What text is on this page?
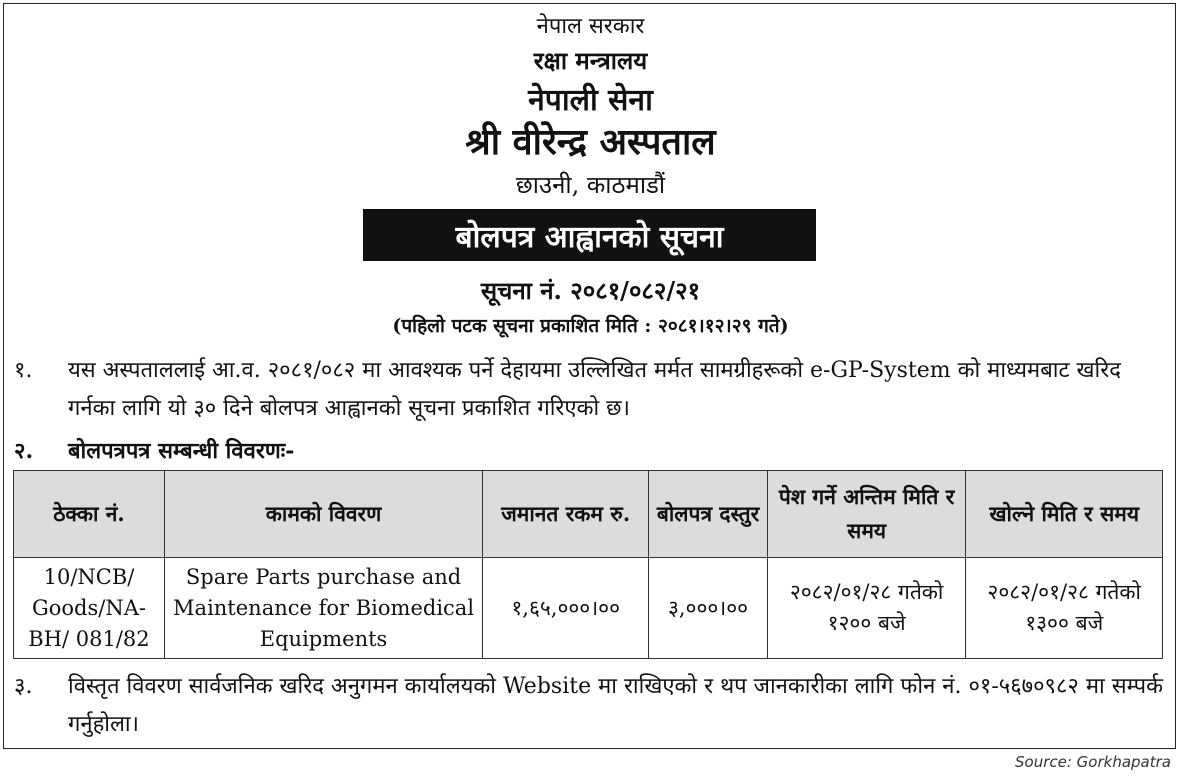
नेपाल सरकार
रक्षा मन्त्रालय
नेपाली सेना
श्री वीरेन्द्र अस्पताल
छाउनी, काठमाडौं
बोलपत्र आह्वानको सूचना
सूचना नं. २०८१/०८२/२१
(पहिलो पटक सूचना प्रकाशित मिति : २०८१।१२।२९ गते)
१. यस अस्पताललाई आ.व. २०८१/०८२ मा आवश्यक पर्ने देहायमा उल्लिखित मर्मत सामग्रीहरूको e-GP-System को माध्यमबाट खरिद गर्नका लागि यो ३० दिने बोलपत्र आह्वानको सूचना प्रकाशित गरिएको छ।
२. बोलपत्रपत्र सम्बन्धी विवरणः-
ठेक्का नं.	कामको विवरण	जमानत रकम रु.	बोलपत्र दस्तुर	पेश गर्ने अन्तिम मिति र समय	खोल्ने मिति र समय
10/NCB/ Goods/NA- BH/ 081/82	Spare Parts purchase and Maintenance for Biomedical Equipments	१,६५,०००।००	३,०००।००	२०८२/०१/२८ गतेको १२०० बजे	२०८२/०१/२८ गतेको १३०० बजे
३. विस्तृत विवरण सार्वजनिक खरिद अनुगमन कार्यालयको Website मा राखिएको र थप जानकारीका लागि फोन नं. ०१-५६७०९८२ मा सम्पर्क गर्नुहोला।
Source: Gorkhapatra
